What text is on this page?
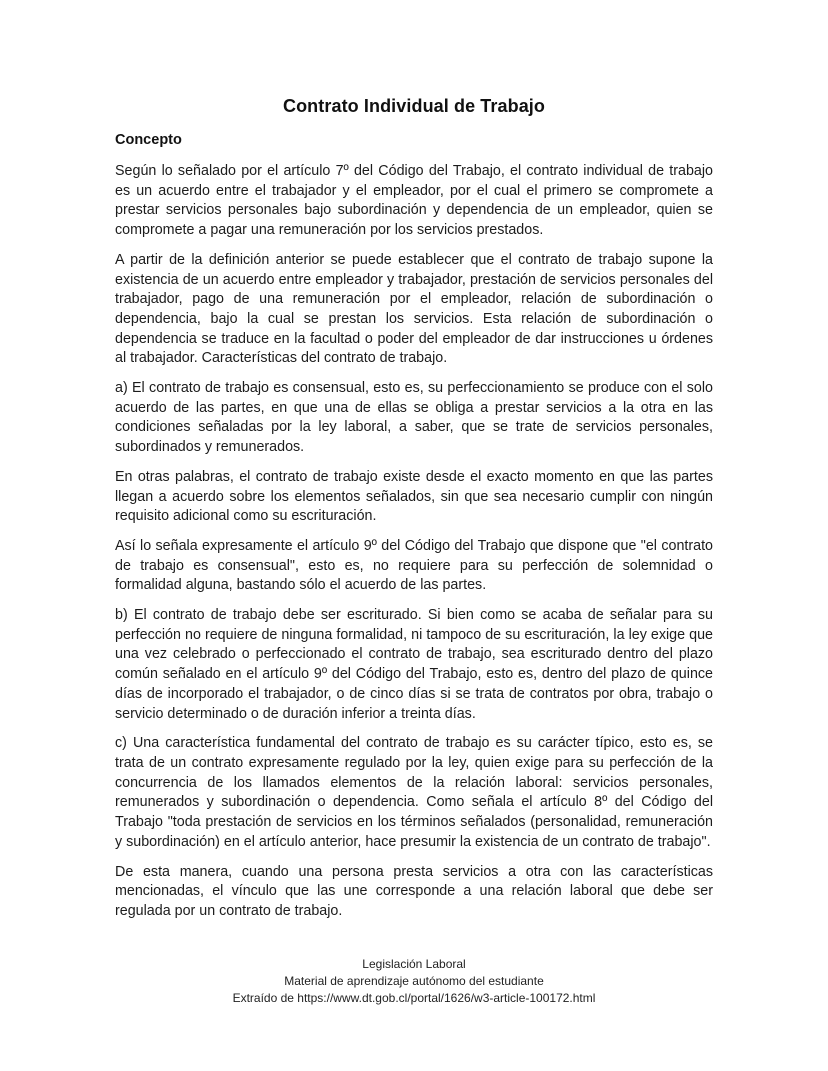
Contrato Individual de Trabajo
Concepto

Según lo señalado por el artículo 7º del Código del Trabajo, el contrato individual de trabajo es un acuerdo entre el trabajador y el empleador, por el cual el primero se compromete a prestar servicios personales bajo subordinación y dependencia de un empleador, quien se compromete a pagar una remuneración por los servicios prestados.

A partir de la definición anterior se puede establecer que el contrato de trabajo supone la existencia de un acuerdo entre empleador y trabajador, prestación de servicios personales del trabajador, pago de una remuneración por el empleador, relación de subordinación o dependencia, bajo la cual se prestan los servicios. Esta relación de subordinación o dependencia se traduce en la facultad o poder del empleador de dar instrucciones u órdenes al trabajador. Características del contrato de trabajo.

a) El contrato de trabajo es consensual, esto es, su perfeccionamiento se produce con el solo acuerdo de las partes, en que una de ellas se obliga a prestar servicios a la otra en las condiciones señaladas por la ley laboral, a saber, que se trate de servicios personales, subordinados y remunerados.

En otras palabras, el contrato de trabajo existe desde el exacto momento en que las partes llegan a acuerdo sobre los elementos señalados, sin que sea necesario cumplir con ningún requisito adicional como su escrituración.

Así lo señala expresamente el artículo 9º del Código del Trabajo que dispone que "el contrato de trabajo es consensual", esto es, no requiere para su perfección de solemnidad o formalidad alguna, bastando sólo el acuerdo de las partes.

b) El contrato de trabajo debe ser escriturado. Si bien como se acaba de señalar para su perfección no requiere de ninguna formalidad, ni tampoco de su escrituración, la ley exige que una vez celebrado o perfeccionado el contrato de trabajo, sea escriturado dentro del plazo común señalado en el artículo 9º del Código del Trabajo, esto es, dentro del plazo de quince días de incorporado el trabajador, o de cinco días si se trata de contratos por obra, trabajo o servicio determinado o de duración inferior a treinta días.

c) Una característica fundamental del contrato de trabajo es su carácter típico, esto es, se trata de un contrato expresamente regulado por la ley, quien exige para su perfección de la concurrencia de los llamados elementos de la relación laboral: servicios personales, remunerados y subordinación o dependencia. Como señala el artículo 8º del Código del Trabajo "toda prestación de servicios en los términos señalados (personalidad, remuneración y subordinación) en el artículo anterior, hace presumir la existencia de un contrato de trabajo".

De esta manera, cuando una persona presta servicios a otra con las características mencionadas, el vínculo que las une corresponde a una relación laboral que debe ser regulada por un contrato de trabajo.

Legislación Laboral
Material de aprendizaje autónomo del estudiante
Extraído de https://www.dt.gob.cl/portal/1626/w3-article-100172.html
